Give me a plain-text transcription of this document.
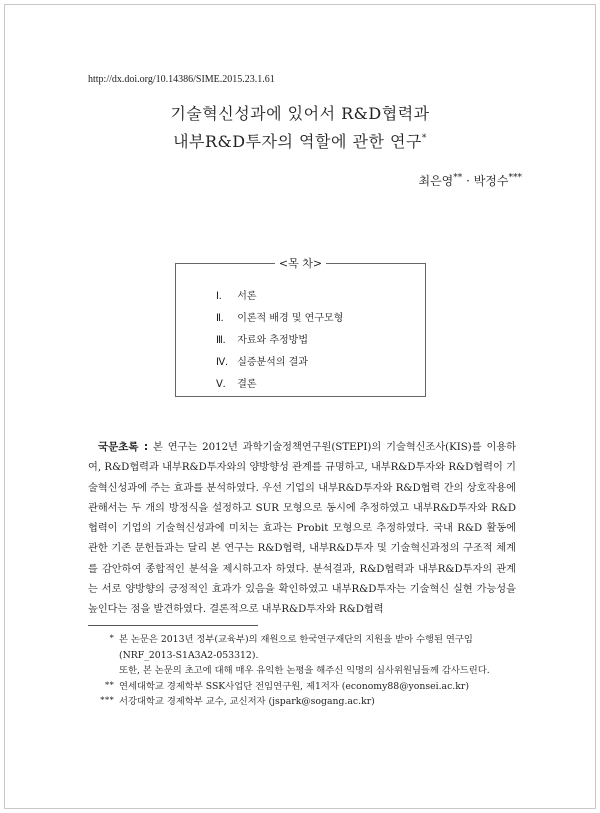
http://dx.doi.org/10.14386/SIME.2015.23.1.61
기술혁신성과에 있어서 R&D협력과
내부R&D투자의 역할에 관한 연구*
최은영** · 박정수***
<목 차>
Ⅰ. 서론
Ⅱ. 이론적 배경 및 연구모형
Ⅲ. 자료와 추정방법
Ⅳ. 실증분석의 결과
Ⅴ. 결론
국문초록 : 본 연구는 2012년 과학기술정책연구원(STEPI)의 기술혁신조사(KIS)를 이용하여, R&D협력과 내부R&D투자와의 양방향성 관계를 규명하고, 내부R&D투자와 R&D협력이 기술혁신성과에 주는 효과를 분석하였다. 우선 기업의 내부R&D투자와 R&D협력 간의 상호작용에 관해서는 두 개의 방정식을 설정하고 SUR 모형으로 동시에 추정하였고 내부R&D투자와 R&D협력이 기업의 기술혁신성과에 미치는 효과는 Probit 모형으로 추정하였다. 국내 R&D 활동에 관한 기존 문헌들과는 달리 본 연구는 R&D협력, 내부R&D투자 및 기술혁신과정의 구조적 체계를 감안하여 종합적인 분석을 제시하고자 하였다. 분석결과, R&D협력과 내부R&D투자의 관계는 서로 양방향의 긍정적인 효과가 있음을 확인하였고 내부R&D투자는 기술혁신 실현 가능성을 높인다는 점을 발견하였다. 결론적으로 내부R&D투자와 R&D협력
* 본 논문은 2013년 정부(교육부)의 재원으로 한국연구재단의 지원을 받아 수행된 연구임 (NRF_2013-S1A3A2-053312).
또한, 본 논문의 초고에 대해 매우 유익한 논평을 해주신 익명의 심사위원님들께 감사드린다.
** 연세대학교 경제학부 SSK사업단 전임연구원, 제1저자 (economy88@yonsei.ac.kr)
*** 서강대학교 경제학부 교수, 교신저자 (jspark@sogang.ac.kr)
